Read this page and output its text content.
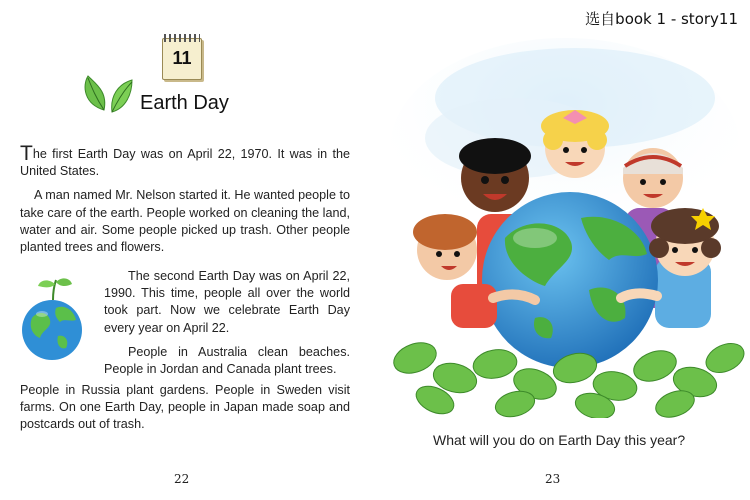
11
Earth Day

The first Earth Day was on April 22, 1970. It was in the United States.

A man named Mr. Nelson started it. He wanted people to take care of the earth. People worked on cleaning the land, water and air. Some people picked up trash. Other people planted trees and flowers.

The second Earth Day was on April 22, 1990. This time, people all over the world took part. Now we celebrate Earth Day every year on April 22.

People in Australia clean beaches. People in Jordan and Canada plant trees.

People in Russia plant gardens. People in Sweden visit farms. On one Earth Day, people in Japan made soap and postcards out of trash.

22
What will you do on Earth Day this year?
23
选自book 1 - story11
